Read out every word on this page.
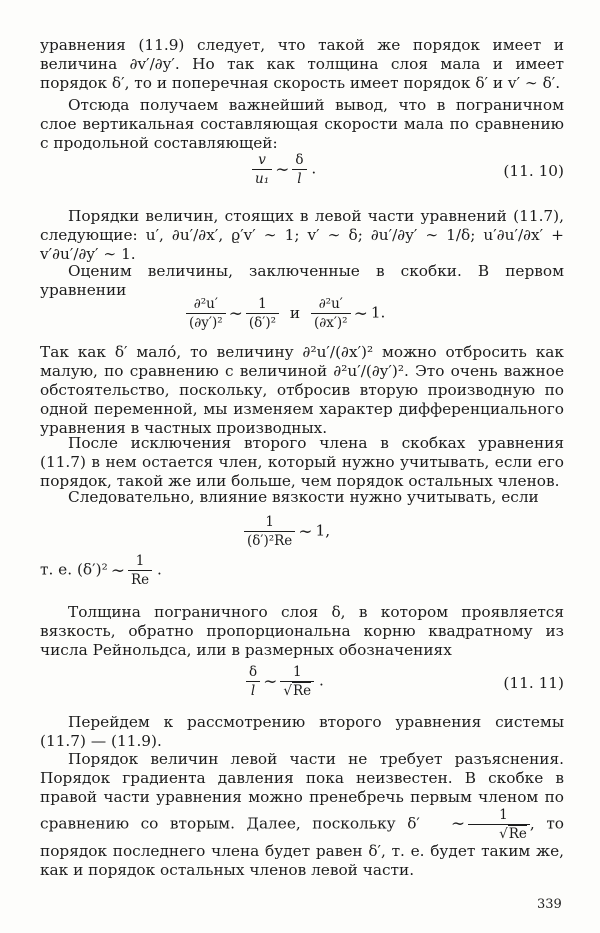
уравнения (11.9) следует, что такой же порядок имеет и величина ∂v′/∂y′. Но так как толщина слоя мала и имеет порядок δ′, то и поперечная скорость имеет порядок δ′ и v′ ∼ δ′.

Отсюда получаем важнейший вывод, что в пограничном слое вертикальная составляющая скорости мала по сравнению с продольной составляющей:

$\frac{v}{\text{u₁}}$ ∼ $\frac{\delta}{l}$ .	(11. 10)

Порядки величин, стоящих в левой части уравнений (11.7), следующие: u′, ∂u′/∂x′, ϱ′v′ ∼ 1; v′ ∼ δ; ∂u′/∂y′ ∼ 1/δ; u′∂u′/∂x′ + v′∂u′/∂y′ ∼ 1.

Оценим величины, заключенные в скобки. В первом уравнении

$\frac{\text{∂²u′}}{\text{(∂y′)²}}$ ∼ $\frac{1}{\text{(δ′)²}}$ и $\frac{\text{∂²u′}}{\text{(∂x′)²}}$ ∼ 1.

Так как δ′ мало́, то величину ∂²u′/(∂x′)² можно отбросить как малую, по сравнению с величиной ∂²u′/(∂y′)². Это очень важное обстоятельство, поскольку, отбросив вторую производную по одной переменной, мы изменяем характер дифференциального уравнения в частных производных.

После исключения второго члена в скобках уравнения (11.7) в нем остается член, который нужно учитывать, если его порядок, такой же или больше, чем порядок остальных членов.

Следовательно, влияние вязкости нужно учитывать, если

$\frac{1}{\text{(δ′)²Re}}$ ∼ 1,
т. е. (δ′)² ∼ $\frac{1}{Re}$ .

Толщина пограничного слоя δ, в котором проявляется вязкость, обратно пропорциональна корню квадратному из числа Рейнольдса, или в размерных обозначениях

$\frac{\delta}{l}$ ∼ $\frac{1}{√Re}$ .	(11. 11)

Перейдем к рассмотрению второго уравнения системы (11.7) — (11.9).

Порядок величин левой части не требует разъяснения. Порядок градиента давления пока неизвестен. В скобке в правой части уравнения можно пренебречь первым членом по сравнению со вторым. Далее, поскольку δ′ ∼ $\frac{1}{√Re}$ , то порядок последнего члена будет равен δ′, т. е. будет таким же, как и порядок остальных членов левой части.

339
